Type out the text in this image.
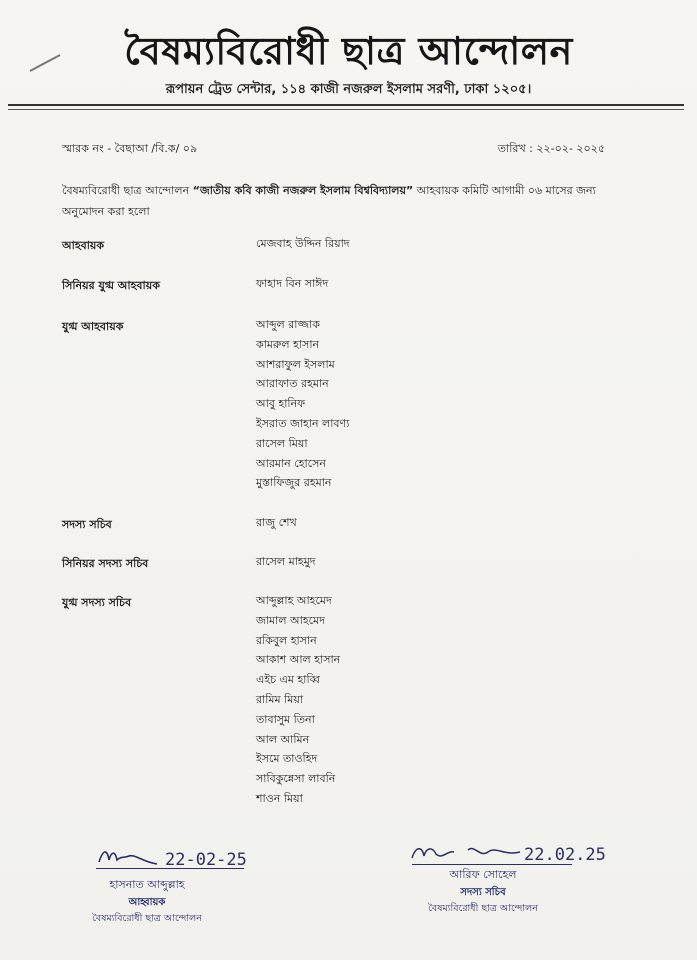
বৈষম্যবিরোধী ছাত্র আন্দোলন
রূপায়ন ট্রেড সেন্টার, ১১৪ কাজী নজরুল ইসলাম সরণী, ঢাকা ১২০৫।
স্মারক নং - বৈছাআ /বি.ক/ ০৯	তারিখ : ২২-০২- ২০২৫
বৈষম্যবিরোধী ছাত্র আন্দোলন “জাতীয় কবি কাজী নজরুল ইসলাম বিশ্ববিদ্যালয়” আহবায়ক কমিটি আগামী ০৬ মাসের জন্য অনুমোদন করা হলো
আহবায়ক	মেজবাহ উদ্দিন রিয়াদ
সিনিয়র যুগ্ম আহবায়ক	ফাহাদ বিন সাঈদ
যুগ্ম আহবায়ক	আব্দুল রাজ্জাক
কামরুল হাসান
আশরাফুল ইসলাম
আরাফাত রহমান
আবু হানিফ
ইসরাত জাহান লাবণ্য
রাসেল মিয়া
আরমান হোসেন
মুস্তাফিজুর রহমান
সদস্য সচিব	রাজু শেখ
সিনিয়র সদস্য সচিব	রাসেল মাহমুদ
যুগ্ম সদস্য সচিব	আব্দুল্লাহ আহমেদ
জামাল আহমেদ
রকিবুল হাসান
আকাশ আল হাসান
এইচ এম হাব্বি
রামিম মিয়া
তাবাসুম তিনা
আল আমিন
ইসমে তাওহিদ
সাবিকুন্নেসা লাবনি
শাওন মিয়া
22-02-25
হাসনাত আব্দুল্লাহ
আহ্বায়ক
বৈষম্যবিরোধী ছাত্র আন্দোলন
22.02.25
আরিফ সোহেল
সদস্য সচিব
বৈষম্যবিরোধী ছাত্র আন্দোলন
